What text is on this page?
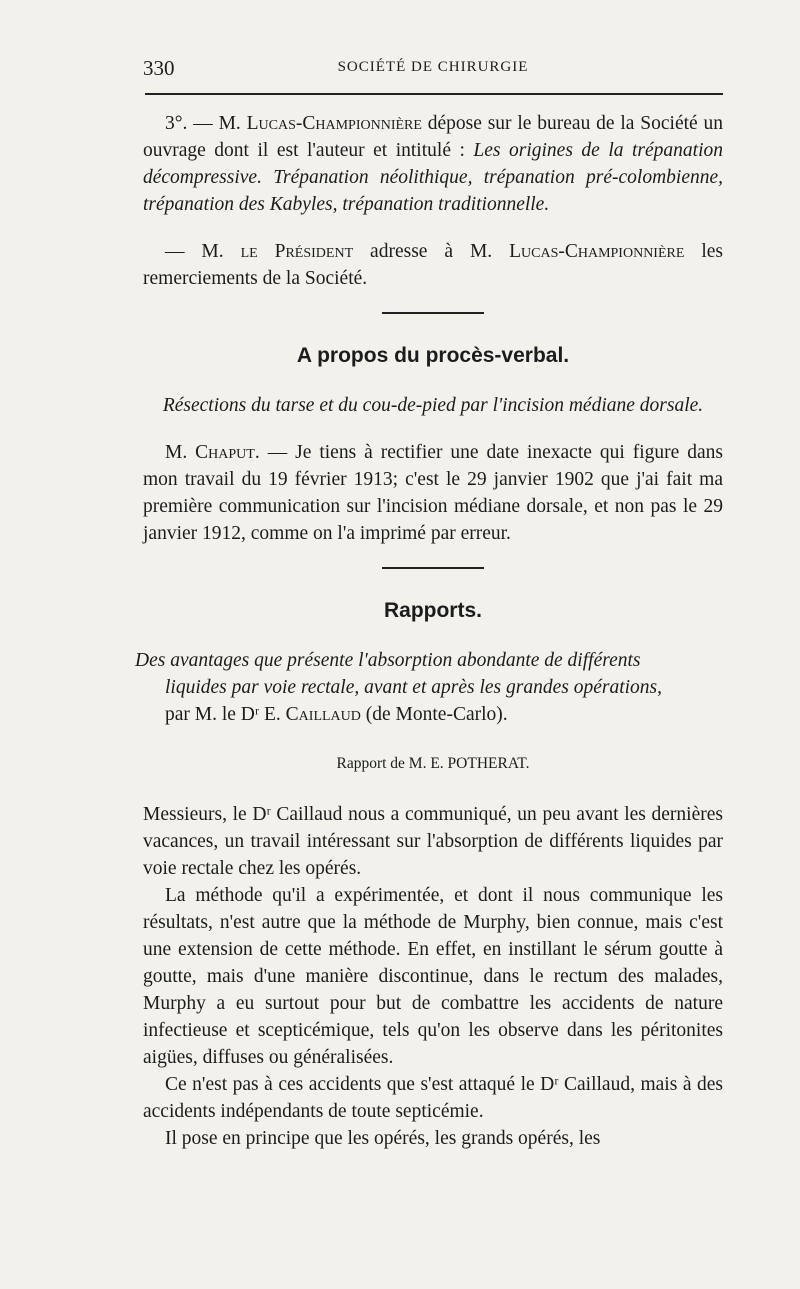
330	SOCIÉTÉ DE CHIRURGIE

3°. — M. Lucas-Championnière dépose sur le bureau de la Société un ouvrage dont il est l'auteur et intitulé : Les origines de la trépanation décompressive. Trépanation néolithique, trépanation pré-colombienne, trépanation des Kabyles, trépanation traditionnelle.

— M. le Président adresse à M. Lucas-Championnière les remerciements de la Société.

A propos du procès-verbal.
Résections du tarse et du cou-de-pied par l'incision médiane dorsale.

M. Chaput. — Je tiens à rectifier une date inexacte qui figure dans mon travail du 19 février 1913; c'est le 29 janvier 1902 que j'ai fait ma première communication sur l'incision médiane dorsale, et non pas le 29 janvier 1912, comme on l'a imprimé par erreur.

Rapports.
Des avantages que présente l'absorption abondante de différents
liquides par voie rectale, avant et après les grandes opérations,
par M. le Dʳ E. Caillaud (de Monte-Carlo).
Rapport de M. E. POTHERAT.

Messieurs, le Dʳ Caillaud nous a communiqué, un peu avant les dernières vacances, un travail intéressant sur l'absorption de différents liquides par voie rectale chez les opérés.

La méthode qu'il a expérimentée, et dont il nous communique les résultats, n'est autre que la méthode de Murphy, bien connue, mais c'est une extension de cette méthode. En effet, en instillant le sérum goutte à goutte, mais d'une manière discontinue, dans le rectum des malades, Murphy a eu surtout pour but de combattre les accidents de nature infectieuse et scepticémique, tels qu'on les observe dans les péritonites aigües, diffuses ou généralisées.

Ce n'est pas à ces accidents que s'est attaqué le Dʳ Caillaud, mais à des accidents indépendants de toute septicémie.

Il pose en principe que les opérés, les grands opérés, les
